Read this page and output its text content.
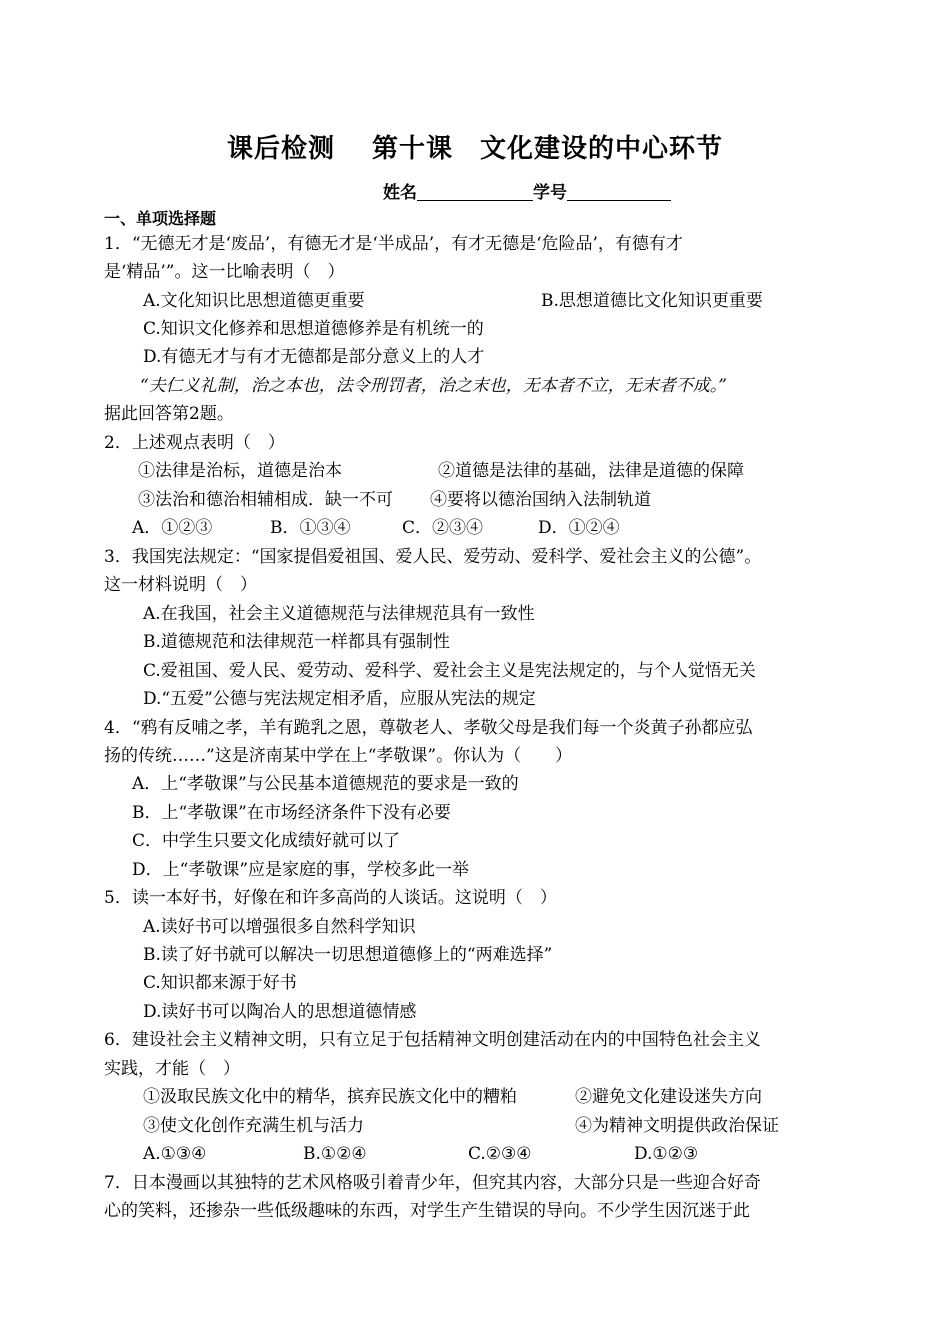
课后检测　 第十课　文化建设的中心环节
姓名	学号
一、单项选择题
1．“无德无才是‘废品’，有德无才是‘半成品’，有才无德是‘危险品’，有德有才
是‘精品’”。这一比喻表明（　）
A.文化知识比思想道德更重要	B.思想道德比文化知识更重要
C.知识文化修养和思想道德修养是有机统一的
D.有德无才与有才无德都是部分意义上的人才
“夫仁义礼制，治之本也，法令刑罚者，治之末也，无本者不立，无末者不成。”
据此回答第2题。
2．上述观点表明（　）
①法律是治标，道德是治本	②道德是法律的基础，法律是道德的保障
③法治和德治相辅相成．缺一不可 ④要将以德治国纳入法制轨道
A．①②③	B．①③④	C．②③④	D．①②④
3．我国宪法规定：“国家提倡爱祖国、爱人民、爱劳动、爱科学、爱社会主义的公德”。
这一材料说明（　）
A.在我国，社会主义道德规范与法律规范具有一致性
B.道德规范和法律规范一样都具有强制性
C.爱祖国、爱人民、爱劳动、爱科学、爱社会主义是宪法规定的，与个人觉悟无关
D.“五爱”公德与宪法规定相矛盾，应服从宪法的规定
4．“鸦有反哺之孝，羊有跪乳之恩，尊敬老人、孝敬父母是我们每一个炎黄子孙都应弘
扬的传统……”这是济南某中学在上“孝敬课”。你认为（　　）
A．上“孝敬课”与公民基本道德规范的要求是一致的
B．上“孝敬课”在市场经济条件下没有必要
C．中学生只要文化成绩好就可以了
D．上“孝敬课”应是家庭的事，学校多此一举
5．读一本好书，好像在和许多高尚的人谈话。这说明（　）
A.读好书可以增强很多自然科学知识
B.读了好书就可以解决一切思想道德修上的“两难选择”
C.知识都来源于好书
D.读好书可以陶冶人的思想道德情感
6．建设社会主义精神文明，只有立足于包括精神文明创建活动在内的中国特色社会主义
实践，才能（　）
①汲取民族文化中的精华，摈弃民族文化中的糟粕	②避免文化建设迷失方向
③使文化创作充满生机与活力	④为精神文明提供政治保证
A.①③④	B.①②④	C.②③④	D.①②③
7．日本漫画以其独特的艺术风格吸引着青少年，但究其内容，大部分只是一些迎合好奇
心的笑料，还掺杂一些低级趣味的东西，对学生产生错误的导向。不少学生因沉迷于此
